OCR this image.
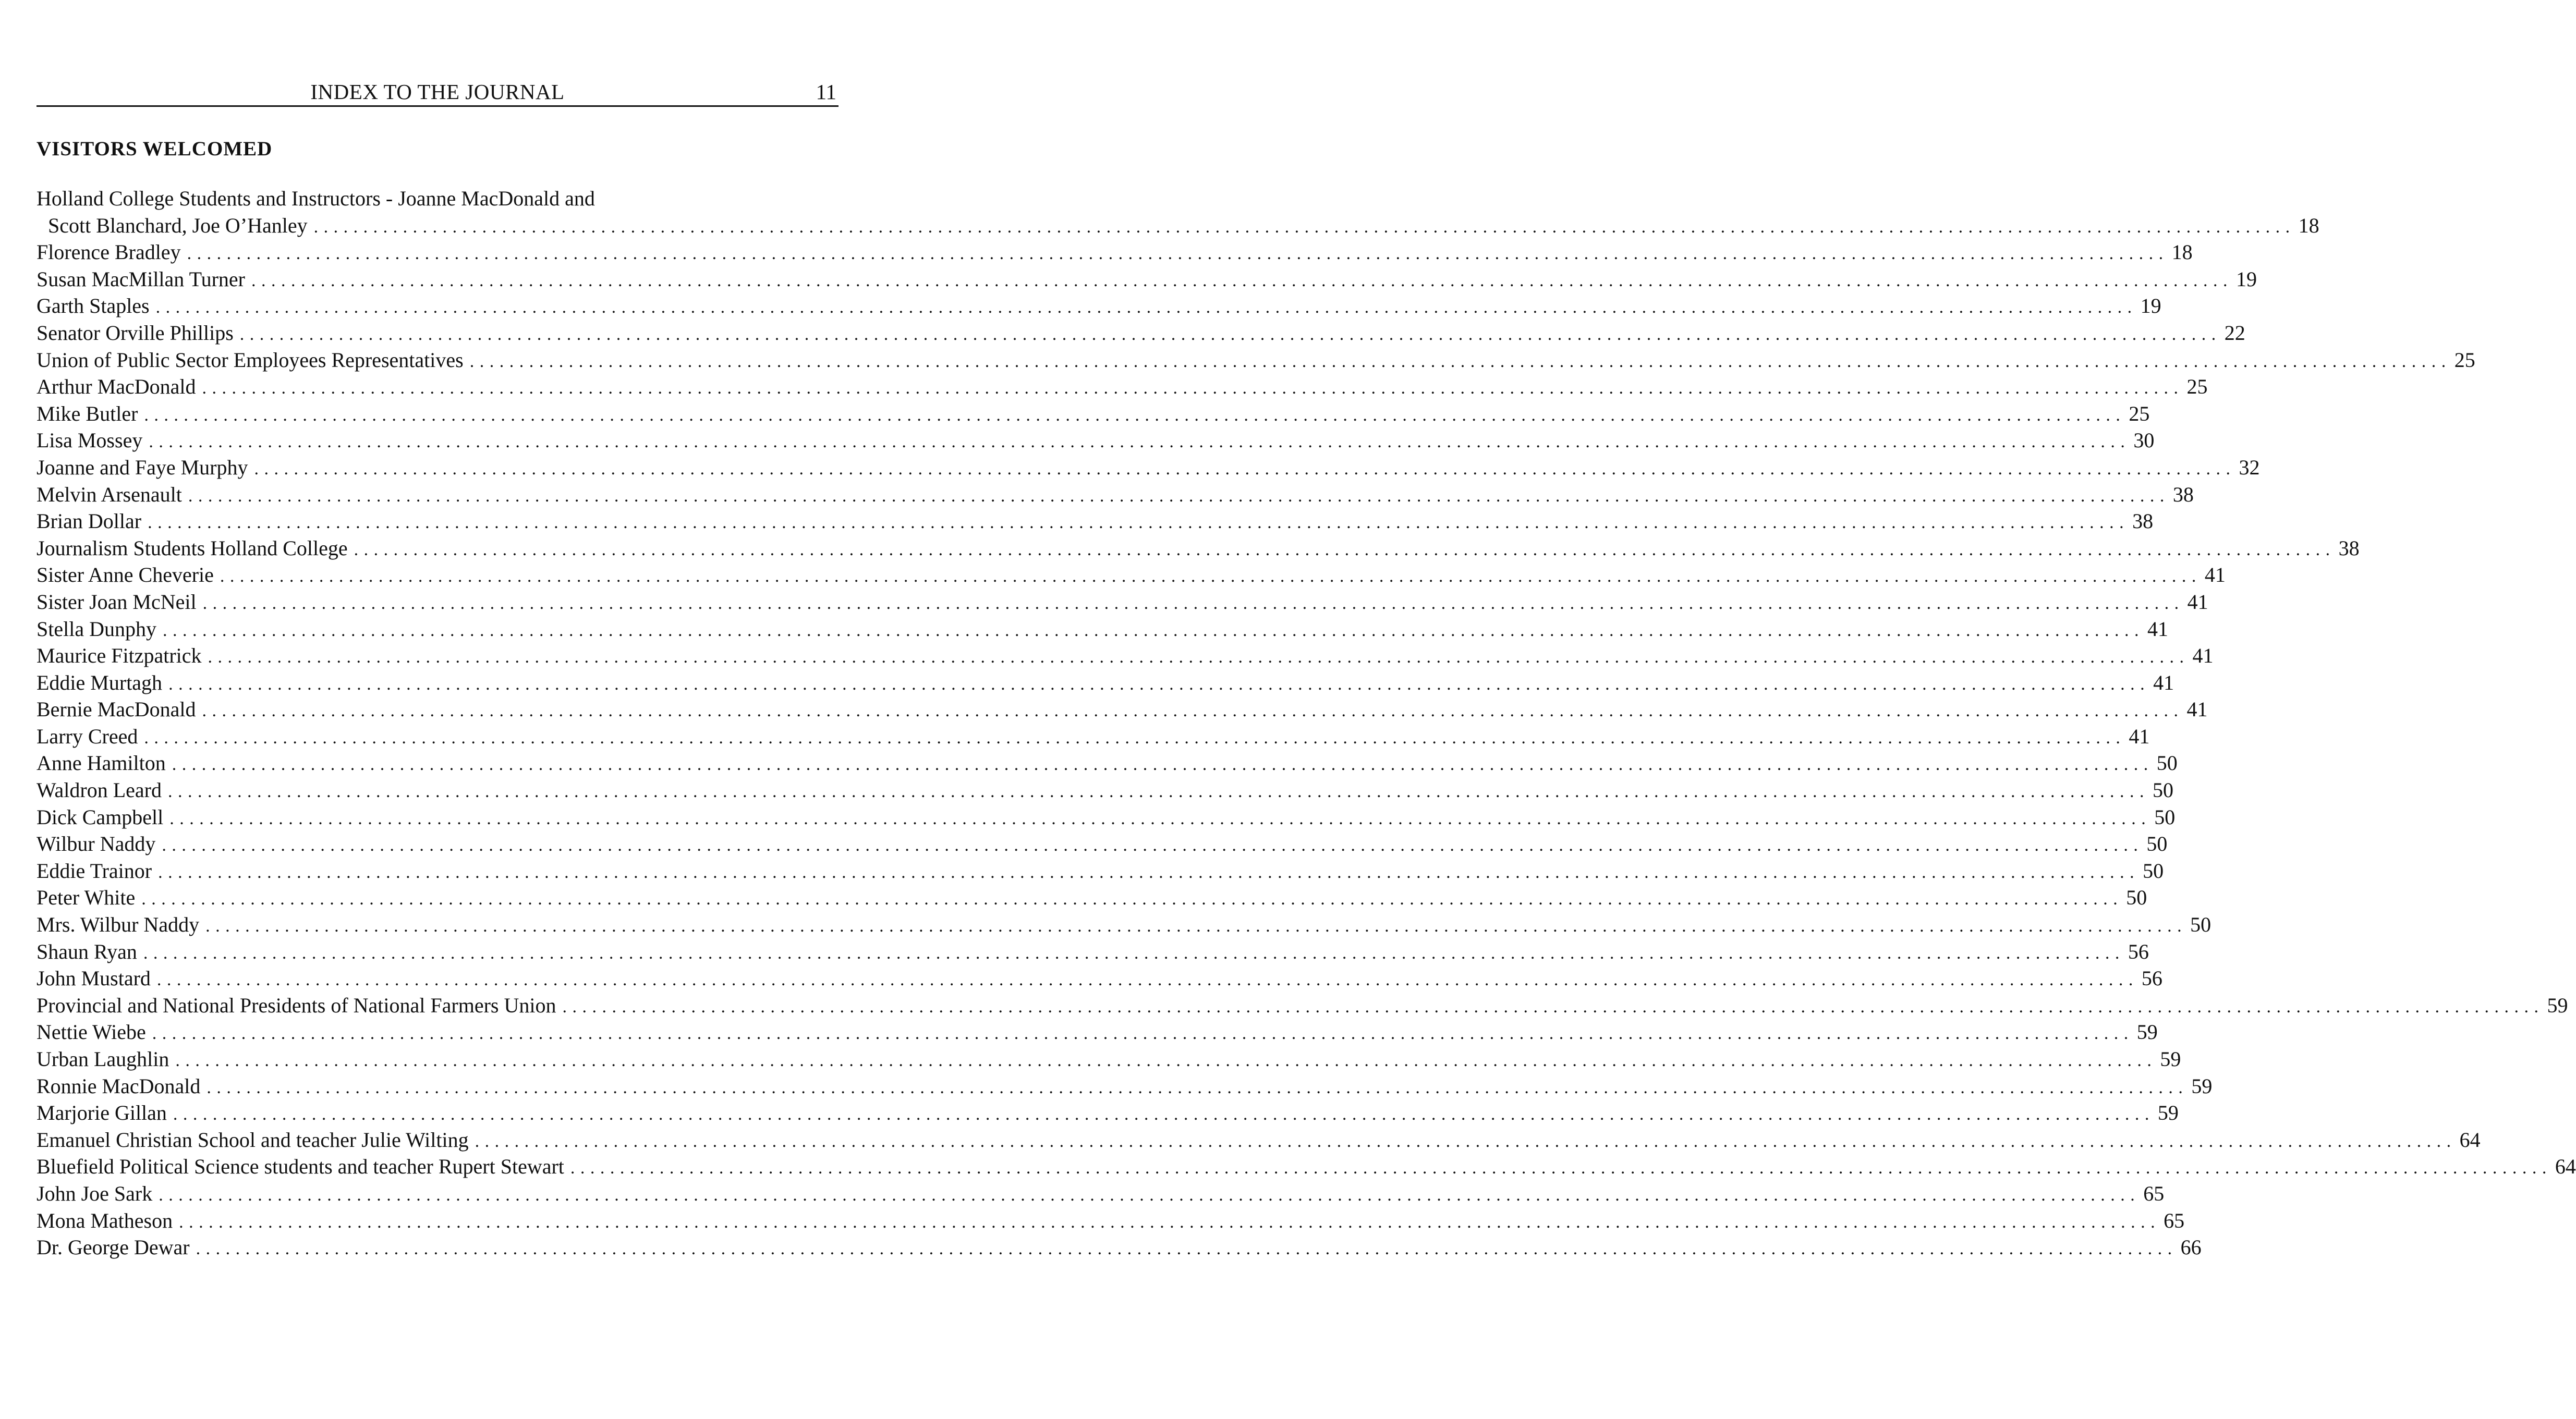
INDEX TO THE JOURNAL	11
VISITORS WELCOMED
Holland College Students and Instructors - Joanne MacDonald and
Scott Blanchard, Joe O’Hanley ........................................................................................................................................................................................................ 18
Florence Bradley ........................................................................................................................................................................................................ 18
Susan MacMillan Turner ........................................................................................................................................................................................................ 19
Garth Staples ........................................................................................................................................................................................................ 19
Senator Orville Phillips ........................................................................................................................................................................................................ 22
Union of Public Sector Employees Representatives ........................................................................................................................................................................................................ 25
Arthur MacDonald ........................................................................................................................................................................................................ 25
Mike Butler ........................................................................................................................................................................................................ 25
Lisa Mossey ........................................................................................................................................................................................................ 30
Joanne and Faye Murphy ........................................................................................................................................................................................................ 32
Melvin Arsenault ........................................................................................................................................................................................................ 38
Brian Dollar ........................................................................................................................................................................................................ 38
Journalism Students Holland College ........................................................................................................................................................................................................ 38
Sister Anne Cheverie ........................................................................................................................................................................................................ 41
Sister Joan McNeil ........................................................................................................................................................................................................ 41
Stella Dunphy ........................................................................................................................................................................................................ 41
Maurice Fitzpatrick ........................................................................................................................................................................................................ 41
Eddie Murtagh ........................................................................................................................................................................................................ 41
Bernie MacDonald ........................................................................................................................................................................................................ 41
Larry Creed ........................................................................................................................................................................................................ 41
Anne Hamilton ........................................................................................................................................................................................................ 50
Waldron Leard ........................................................................................................................................................................................................ 50
Dick Campbell ........................................................................................................................................................................................................ 50
Wilbur Naddy ........................................................................................................................................................................................................ 50
Eddie Trainor ........................................................................................................................................................................................................ 50
Peter White ........................................................................................................................................................................................................ 50
Mrs. Wilbur Naddy ........................................................................................................................................................................................................ 50
Shaun Ryan ........................................................................................................................................................................................................ 56
John Mustard ........................................................................................................................................................................................................ 56
Provincial and National Presidents of National Farmers Union ........................................................................................................................................................................................................ 59
Nettie Wiebe ........................................................................................................................................................................................................ 59
Urban Laughlin ........................................................................................................................................................................................................ 59
Ronnie MacDonald ........................................................................................................................................................................................................ 59
Marjorie Gillan ........................................................................................................................................................................................................ 59
Emanuel Christian School and teacher Julie Wilting ........................................................................................................................................................................................................ 64
Bluefield Political Science students and teacher Rupert Stewart ........................................................................................................................................................................................................ 64
John Joe Sark ........................................................................................................................................................................................................ 65
Mona Matheson ........................................................................................................................................................................................................ 65
Dr. George Dewar ........................................................................................................................................................................................................ 66
